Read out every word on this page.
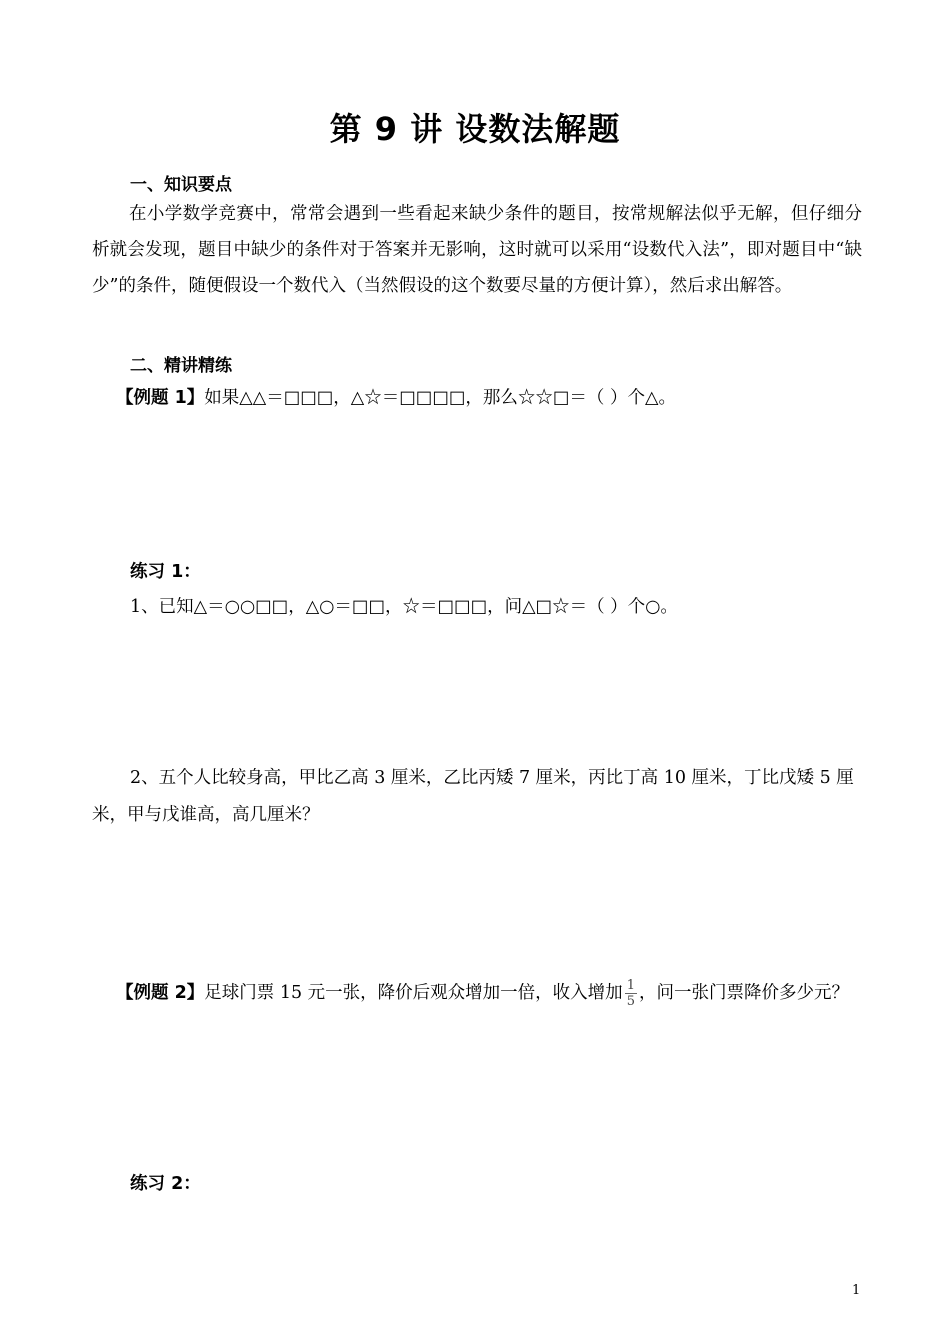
第 9 讲 设数法解题
一、知识要点
在小学数学竞赛中，常常会遇到一些看起来缺少条件的题目，按常规解法似乎无解，但仔细分析就会发现，题目中缺少的条件对于答案并无影响，这时就可以采用“设数代入法”，即对题目中“缺少”的条件，随便假设一个数代入（当然假设的这个数要尽量的方便计算），然后求出解答。
二、精讲精练
【例题 1】如果△△＝□□□，△☆＝□□□□，那么☆☆□＝（ ）个△。
练习 1：
1、已知△＝○○□□，△○＝□□，☆＝□□□，问△□☆＝（ ）个○。
2、五个人比较身高，甲比乙高 3 厘米，乙比丙矮 7 厘米，丙比丁高 10 厘米，丁比戊矮 5 厘
米，甲与戊谁高，高几厘米？
【例题 2】足球门票 15 元一张，降价后观众增加一倍，收入增加 $\frac{1}{5}$ ，问一张门票降价多少元？
练习 2：
1
